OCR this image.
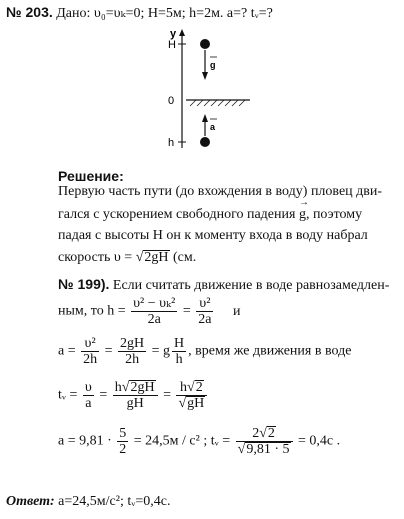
№ 203. Дано: υ₀=υₖ=0; H=5м; h=2м. a=? tᵥ=?
y
H
g
0
a
h
Решение:
Первую часть пути (до вхождения в воду) пловец дви-
гался с ускорением свободного падения
→
g, поэтому
падая с высоты H он к моменту входа в воду набрал
скорость υ = √2gH (см.
№ 199). Если считать движение в воде равнозамедлен-
ным, то $h = \frac{\text{υ² − υₖ²}}{2a} = \frac{\text{υ²}}{2a}$ и
$a = \frac{\text{υ²}}{2h} = \frac{2gH}{2h} = g \frac{H}{h}$ , время же движения в воде
tᵥ = $\frac{\upsilon}{a} = \frac{h√2gH}{gH} = \frac{h√2}{√gH}$
$a = 9,81 \cdot \frac{5}{2} = 24,5м / с^2$ ; tᵥ = $\frac{2√2}{√9,81 \cdot 5} = 0,4с$ .
Ответ: a=24,5м/с²; tᵥ=0,4с.
